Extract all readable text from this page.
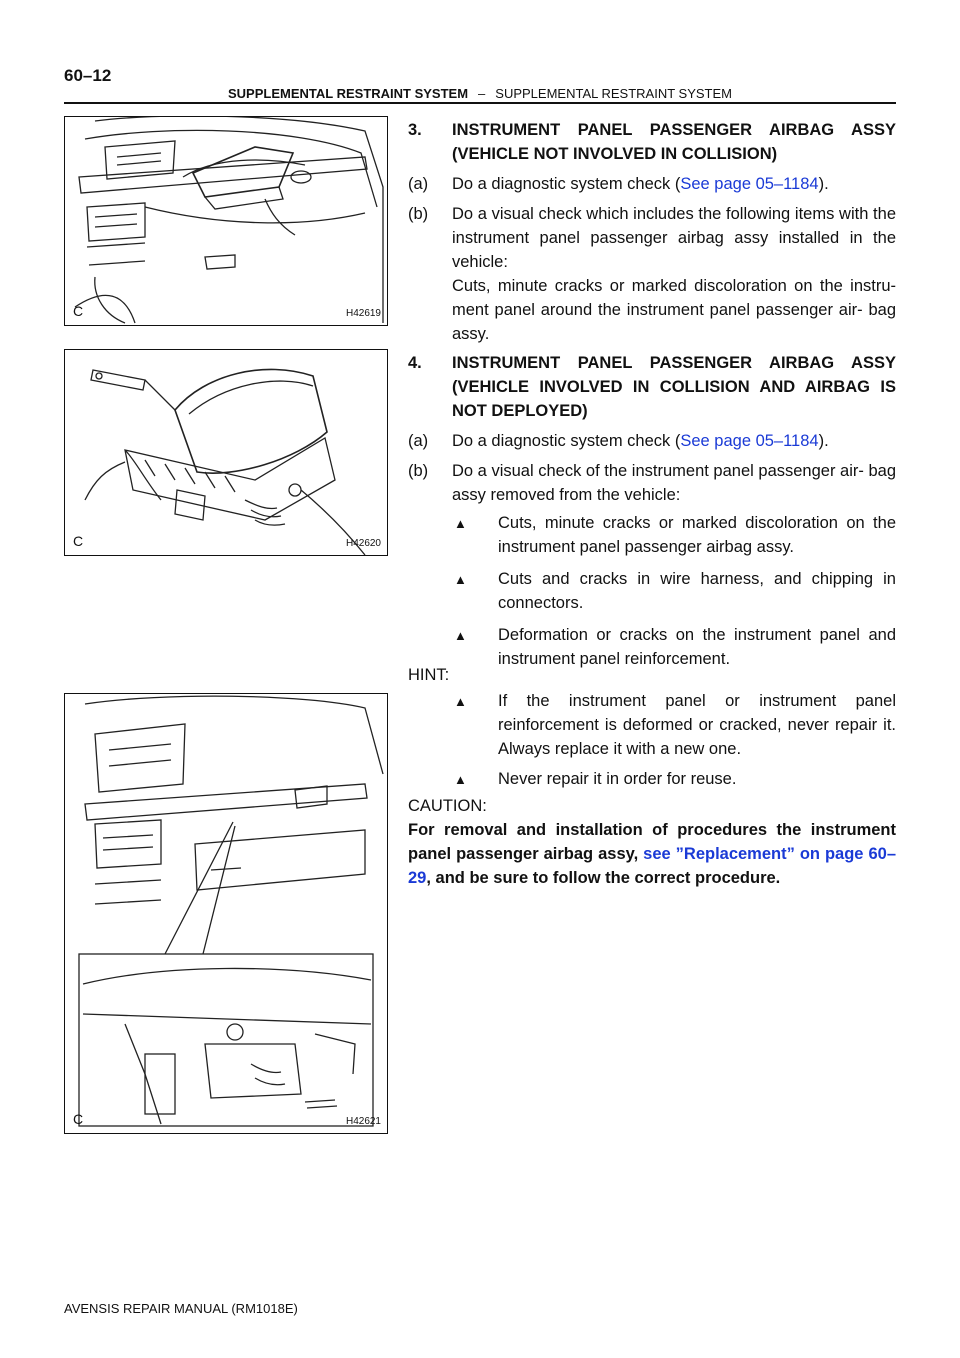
60–12
SUPPLEMENTAL RESTRAINT SYSTEM – SUPPLEMENTAL RESTRAINT SYSTEM
C	H42619
C	H42620
C	H42621
3.	INSTRUMENT PANEL PASSENGER AIRBAG ASSY (VEHICLE NOT INVOLVED IN COLLISION)
(a)	Do a diagnostic system check (See page 05–1184).
(b)	Do a visual check which includes the following items with the instrument panel passenger airbag assy installed in the vehicle:
Cuts, minute cracks or marked discoloration on the instru- ment panel around the instrument panel passenger air- bag assy.
4.	INSTRUMENT PANEL PASSENGER AIRBAG ASSY (VEHICLE INVOLVED IN COLLISION AND AIRBAG IS NOT DEPLOYED)
(a)	Do a diagnostic system check (See page 05–1184).
(b)	Do a visual check of the instrument panel passenger air- bag assy removed from the vehicle:
▲	Cuts, minute cracks or marked discoloration on the instrument panel passenger airbag assy.
▲	Cuts and cracks in wire harness, and chipping in connectors.
▲	Deformation or cracks on the instrument panel and instrument panel reinforcement.
HINT:
▲	If the instrument panel or instrument panel reinforcement is deformed or cracked, never repair it. Always replace it with a new one.
▲	Never repair it in order for reuse.
CAUTION:
For removal and installation of procedures the instrument panel passenger airbag assy, see ”Replacement” on page 60–29, and be sure to follow the correct procedure.
AVENSIS REPAIR MANUAL (RM1018E)
